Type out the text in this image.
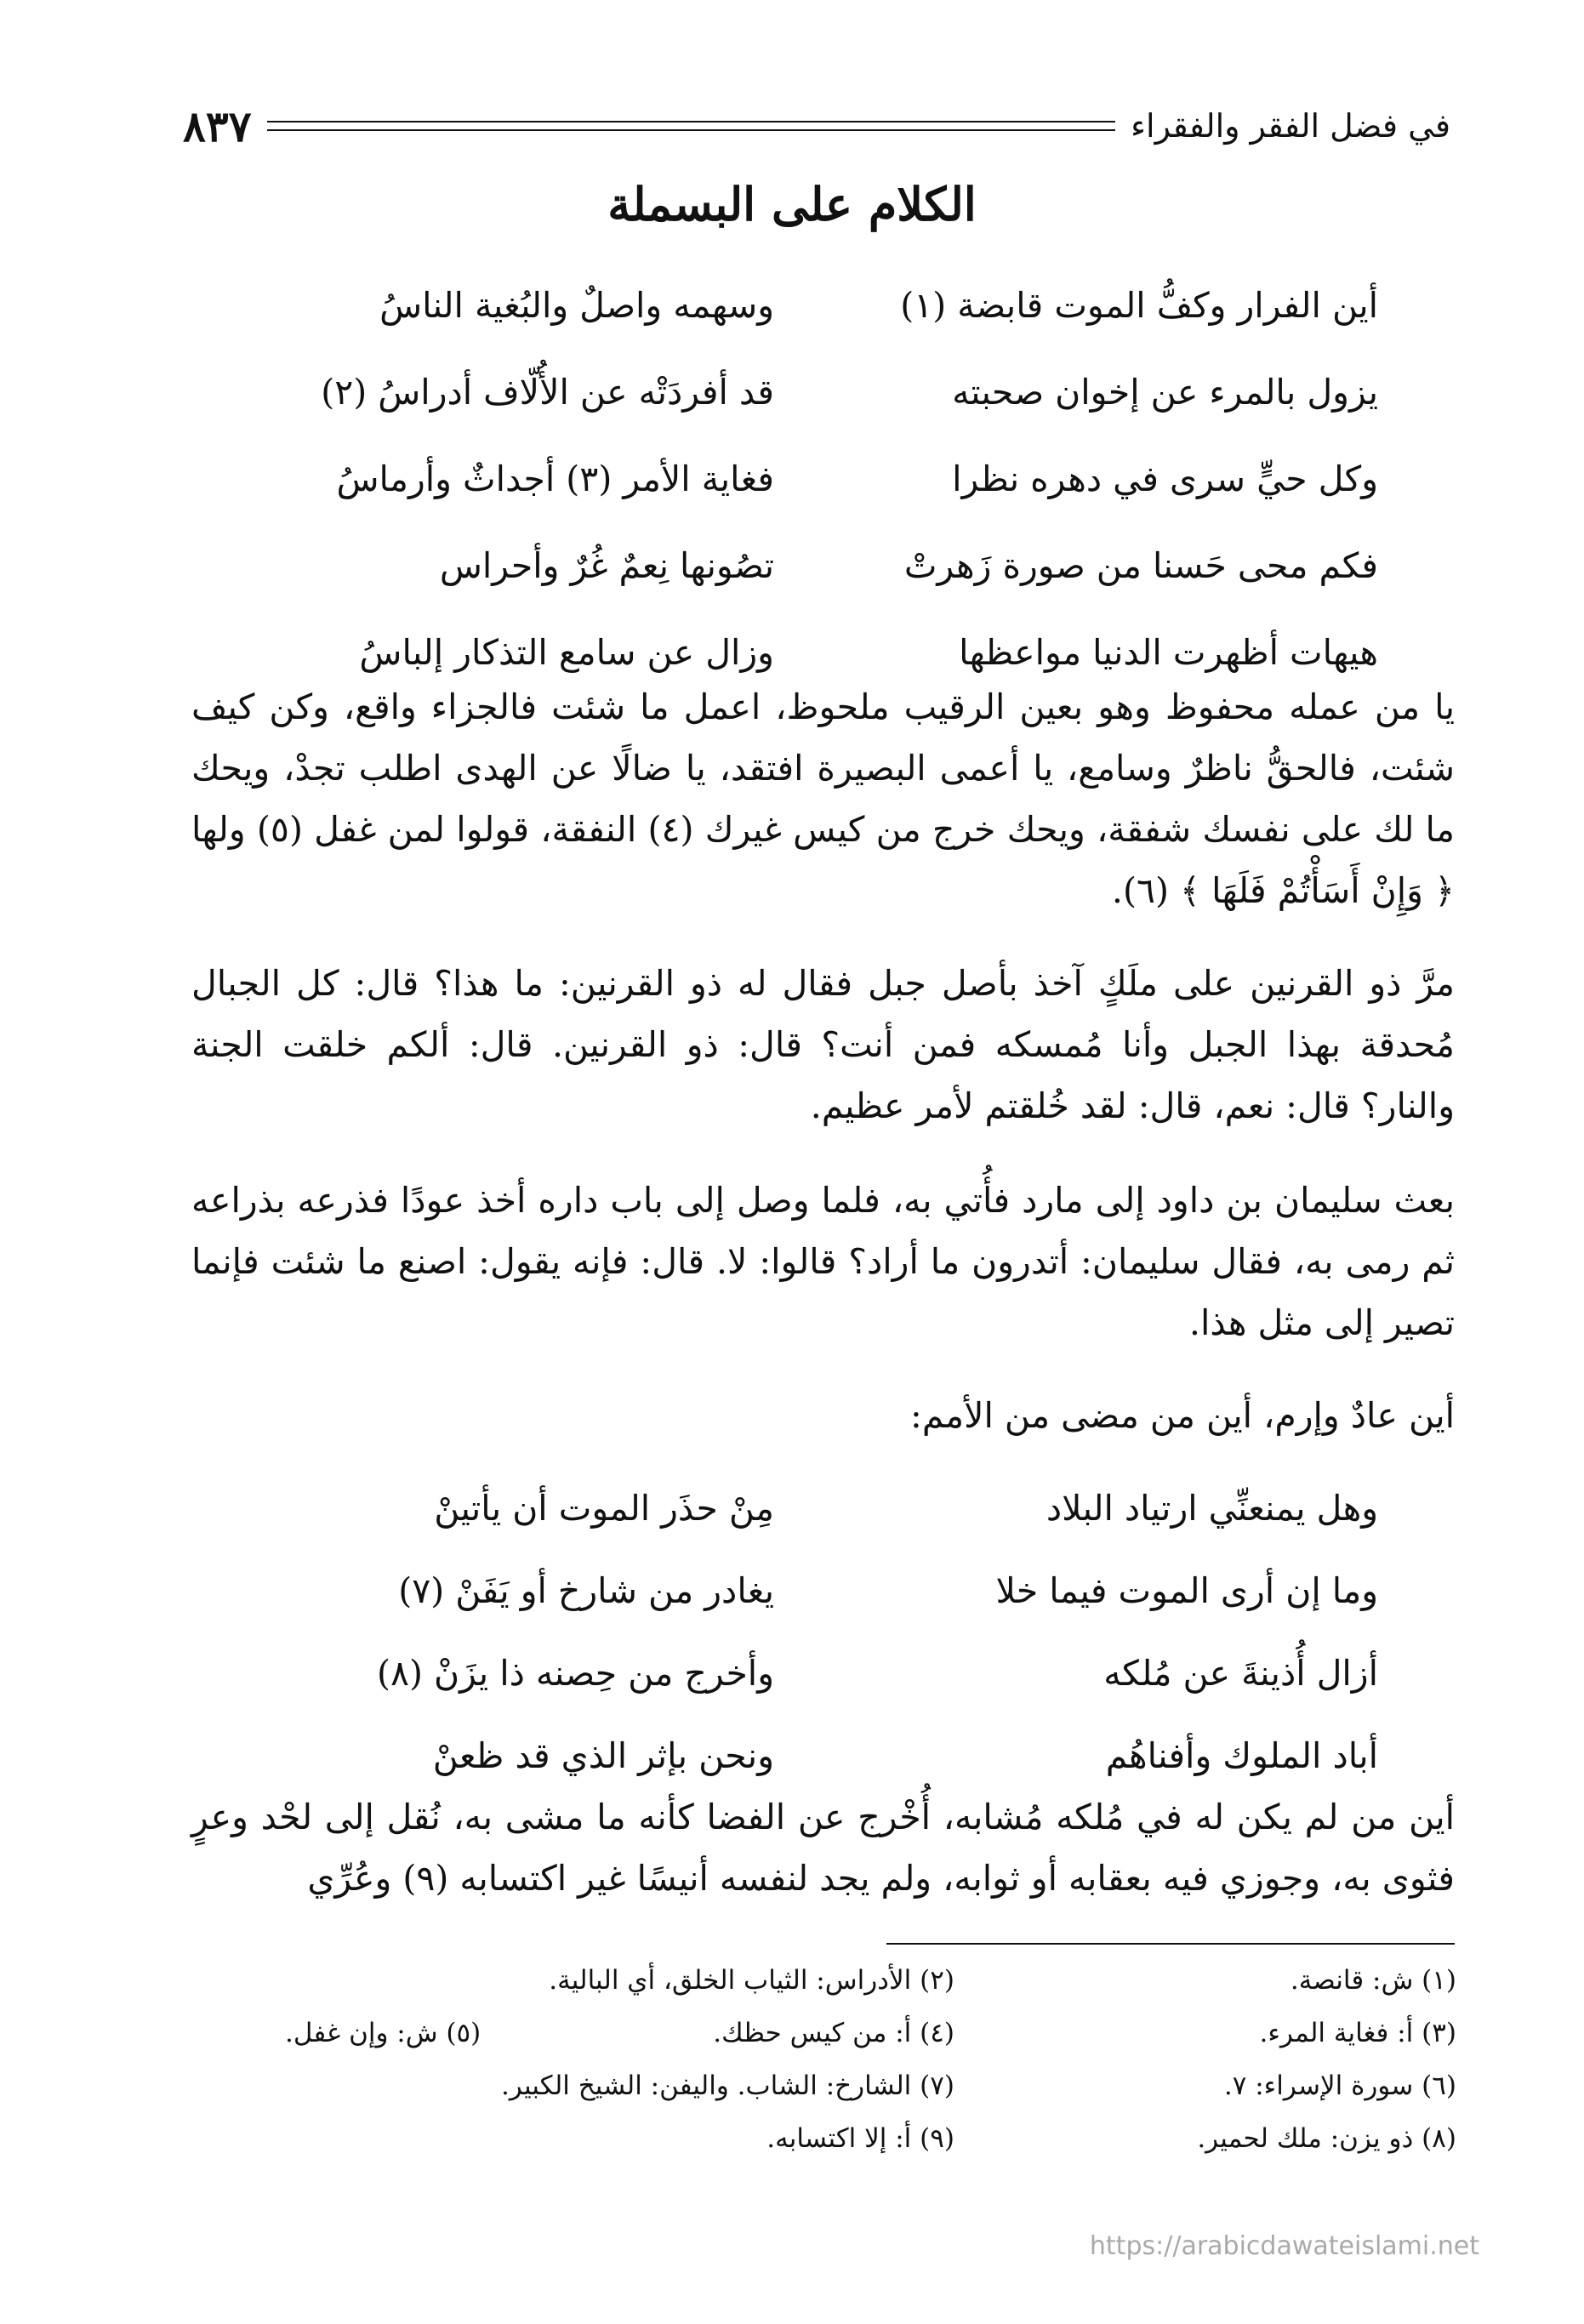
في فضل الفقر والفقراء
٨٣٧
الكلام على البسملة
أين الفرار وكفُّ الموت قابضة (١)
وسهمه واصلٌ والبُغية الناسُ
يزول بالمرء عن إخوان صحبته
قد أفردَتْه عن الأُلّاف أدراسُ (٢)
وكل حيٍّ سرى في دهره نظرا
فغاية الأمر (٣) أجداثٌ وأرماسُ
فكم محى حَسنا من صورة زَهرتْ
تصُونها نِعمٌ غُرٌ وأحراس
هيهات أظهرت الدنيا مواعظها
وزال عن سامع التذكار إلباسُ
يا من عمله محفوظ وهو بعين الرقيب ملحوظ، اعمل ما شئت فالجزاء واقع، وكن كيف شئت، فالحقُّ ناظرٌ وسامع، يا أعمى البصيرة افتقد، يا ضالًا عن الهدى اطلب تجدْ، ويحك ما لك على نفسك شفقة، ويحك خرج من كيس غيرك (٤) النفقة، قولوا لمن غفل (٥) ولها ﴿ وَإِنْ أَسَأْتُمْ فَلَهَا ﴾ (٦).
مرَّ ذو القرنين على ملَكٍ آخذ بأصل جبل فقال له ذو القرنين: ما هذا؟ قال: كل الجبال مُحدقة بهذا الجبل وأنا مُمسكه فمن أنت؟ قال: ذو القرنين. قال: ألكم خلقت الجنة والنار؟ قال: نعم، قال: لقد خُلقتم لأمر عظيم.
بعث سليمان بن داود إلى مارد فأُتي به، فلما وصل إلى باب داره أخذ عودًا فذرعه بذراعه ثم رمى به، فقال سليمان: أتدرون ما أراد؟ قالوا: لا. قال: فإنه يقول: اصنع ما شئت فإنما تصير إلى مثل هذا.
أين عادٌ وإرم، أين من مضى من الأمم:
وهل يمنعنِّي ارتياد البلاد
مِنْ حذَر الموت أن يأتينْ
وما إن أرى الموت فيما خلا
يغادر من شارخ أو يَفَنْ (٧)
أزال أُذينةَ عن مُلكه
وأخرج من حِصنه ذا يزَنْ (٨)
أباد الملوك وأفناهُم
ونحن بإثر الذي قد ظعنْ
أين من لم يكن له في مُلكه مُشابه، أُخْرج عن الفضا كأنه ما مشى به، نُقل إلى لحْد وعرٍ فثوى به، وجوزي فيه بعقابه أو ثوابه، ولم يجد لنفسه أنيسًا غير اكتسابه (٩) وعُرِّي
(١) ش: قانصة.
(٢) الأدراس: الثياب الخلق، أي البالية.
(٣) أ: فغاية المرء.
(٤) أ: من كيس حظك.
(٥) ش: وإن غفل.
(٦) سورة الإسراء: ٧.
(٧) الشارخ: الشاب. واليفن: الشيخ الكبير.
(٨) ذو يزن: ملك لحمير.
(٩) أ: إلا اكتسابه.
https://arabicdawateislami.net
